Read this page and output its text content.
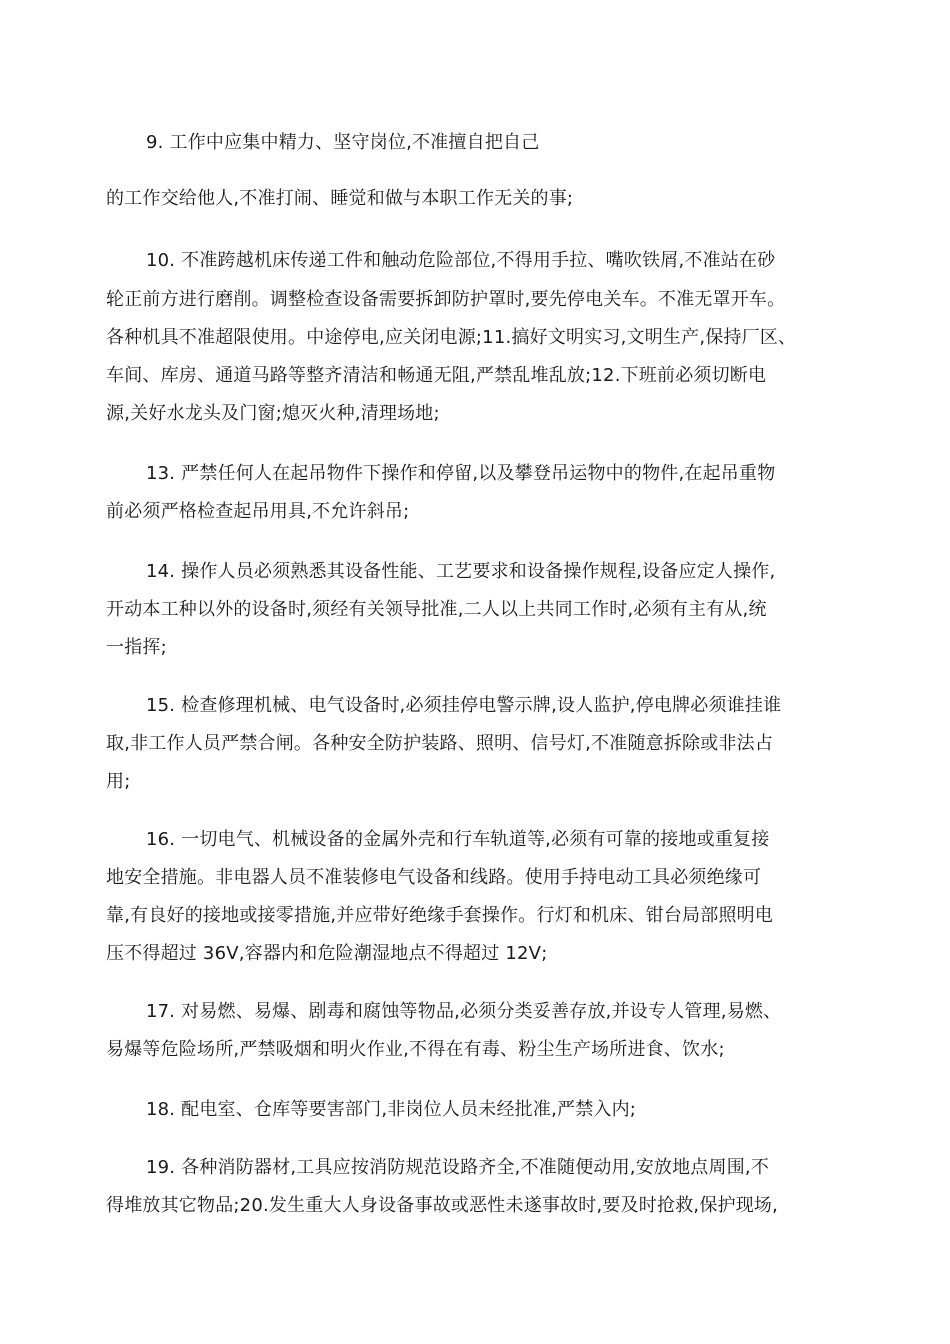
9. 工作中应集中精力、坚守岗位,不准擅自把自己
的工作交给他人,不准打闹、睡觉和做与本职工作无关的事;
10. 不准跨越机床传递工件和触动危险部位,不得用手拉、嘴吹铁屑,不准站在砂
轮正前方进行磨削。调整检查设备需要拆卸防护罩时,要先停电关车。不准无罩开车。
各种机具不准超限使用。中途停电,应关闭电源;11.搞好文明实习,文明生产,保持厂区、
车间、库房、通道马路等整齐清洁和畅通无阻,严禁乱堆乱放;12.下班前必须切断电
源,关好水龙头及门窗;熄灭火种,清理场地;
13. 严禁任何人在起吊物件下操作和停留,以及攀登吊运物中的物件,在起吊重物
前必须严格检查起吊用具,不允许斜吊;
14. 操作人员必须熟悉其设备性能、工艺要求和设备操作规程,设备应定人操作,
开动本工种以外的设备时,须经有关领导批准,二人以上共同工作时,必须有主有从,统
一指挥;
15. 检查修理机械、电气设备时,必须挂停电警示牌,设人监护,停电牌必须谁挂谁
取,非工作人员严禁合闸。各种安全防护装路、照明、信号灯,不准随意拆除或非法占
用;
16. 一切电气、机械设备的金属外壳和行车轨道等,必须有可靠的接地或重复接
地安全措施。非电器人员不准装修电气设备和线路。使用手持电动工具必须绝缘可
靠,有良好的接地或接零措施,并应带好绝缘手套操作。行灯和机床、钳台局部照明电
压不得超过 36V,容器内和危险潮湿地点不得超过 12V;
17. 对易燃、易爆、剧毒和腐蚀等物品,必须分类妥善存放,并设专人管理,易燃、
易爆等危险场所,严禁吸烟和明火作业,不得在有毒、粉尘生产场所进食、饮水;
18. 配电室、仓库等要害部门,非岗位人员未经批准,严禁入内;
19. 各种消防器材,工具应按消防规范设路齐全,不准随便动用,安放地点周围,不
得堆放其它物品;20.发生重大人身设备事故或恶性未遂事故时,要及时抢救,保护现场,
